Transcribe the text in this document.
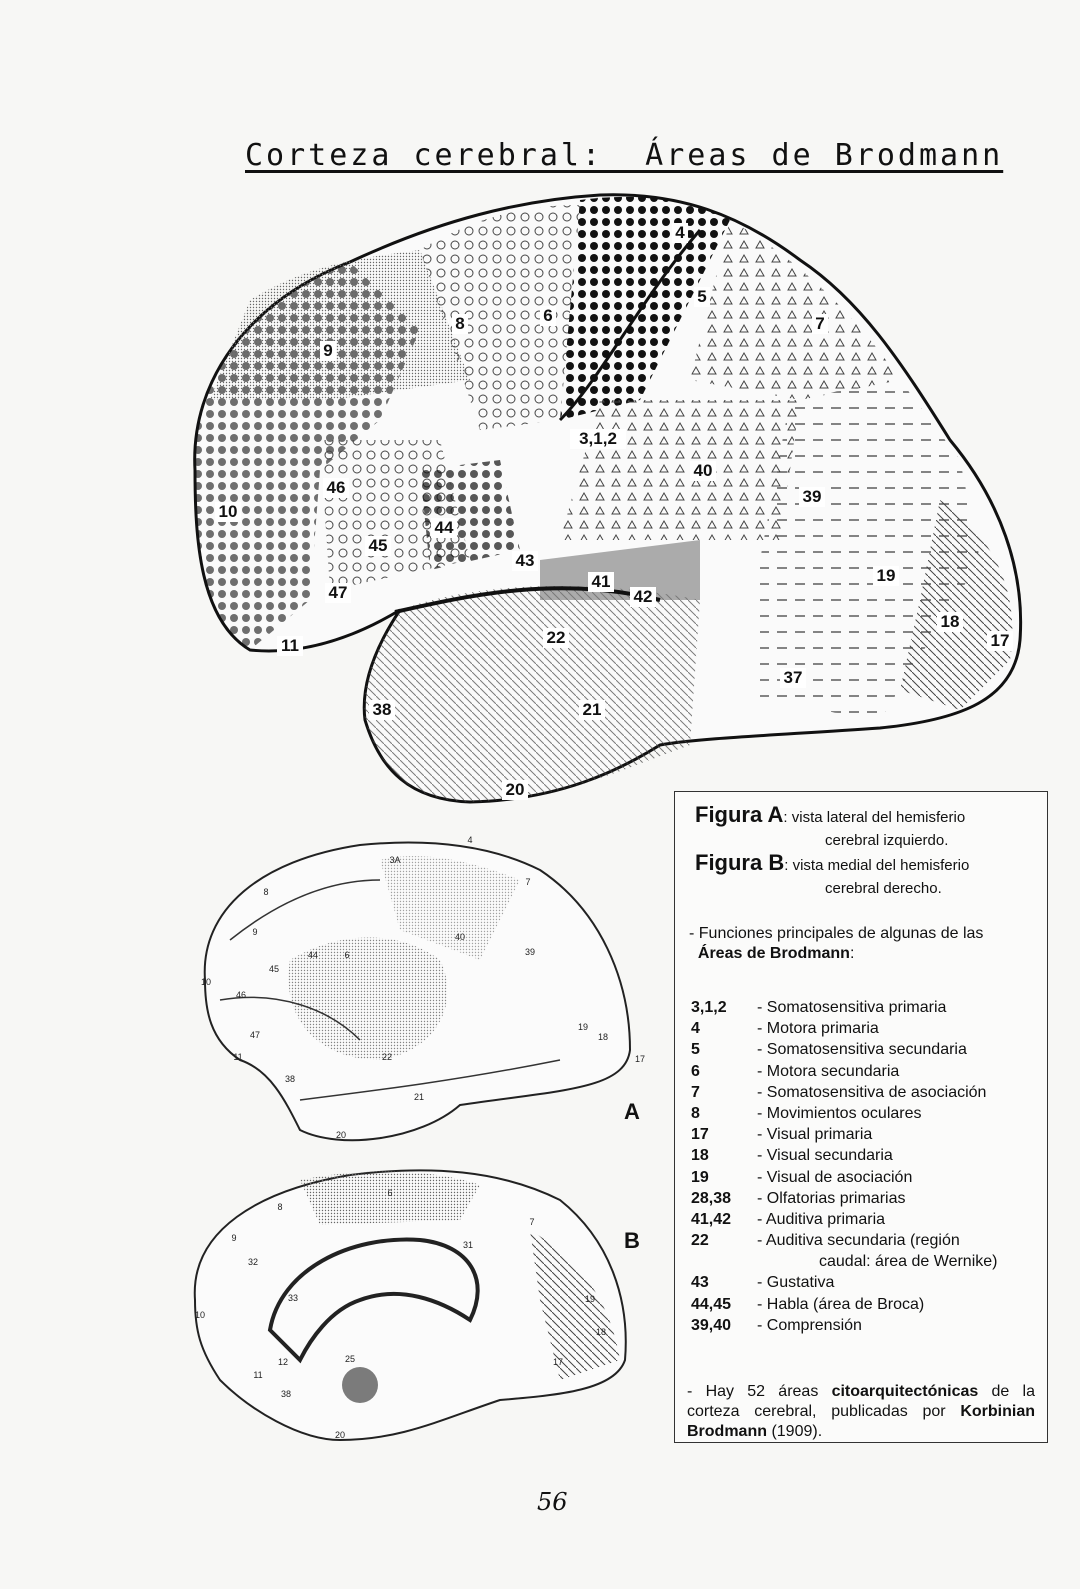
Corteza cerebral:  Áreas de Brodmann
4
5
7
8	6
9
3,1,2
40
39
10
46
45
44
43
41
42
19
18
17
47
11	22
37
38	21
20
8
9
10
46
45
44
47
11
38
20
21
22
40
39
19
18
17
6
3A
7
4
8
9
32
33
10
12
11
25
38
20
6
31
7
19
18
17
A
B
Figura A: vista lateral del hemisferio
cerebral izquierdo.
Figura B: vista medial del hemisferio
cerebral derecho.
- Funciones principales de algunas de las
Áreas de Brodmann:
3,1,2	- Somatosensitiva primaria
4	- Motora primaria
5	- Somatosensitiva secundaria
6	- Motora secundaria
7	- Somatosensitiva de asociación
8	- Movimientos oculares
17	- Visual primaria
18	- Visual secundaria
19	- Visual de asociación
28,38	- Olfatorias primarias
41,42	- Auditiva primaria
22	- Auditiva secundaria (región
caudal: área de Wernike)
43	- Gustativa
44,45	- Habla (área de Broca)
39,40	- Comprensión
- Hay 52 áreas citoarquitectónicas de la corteza cerebral, publicadas por Korbinian Brodmann (1909).
56
